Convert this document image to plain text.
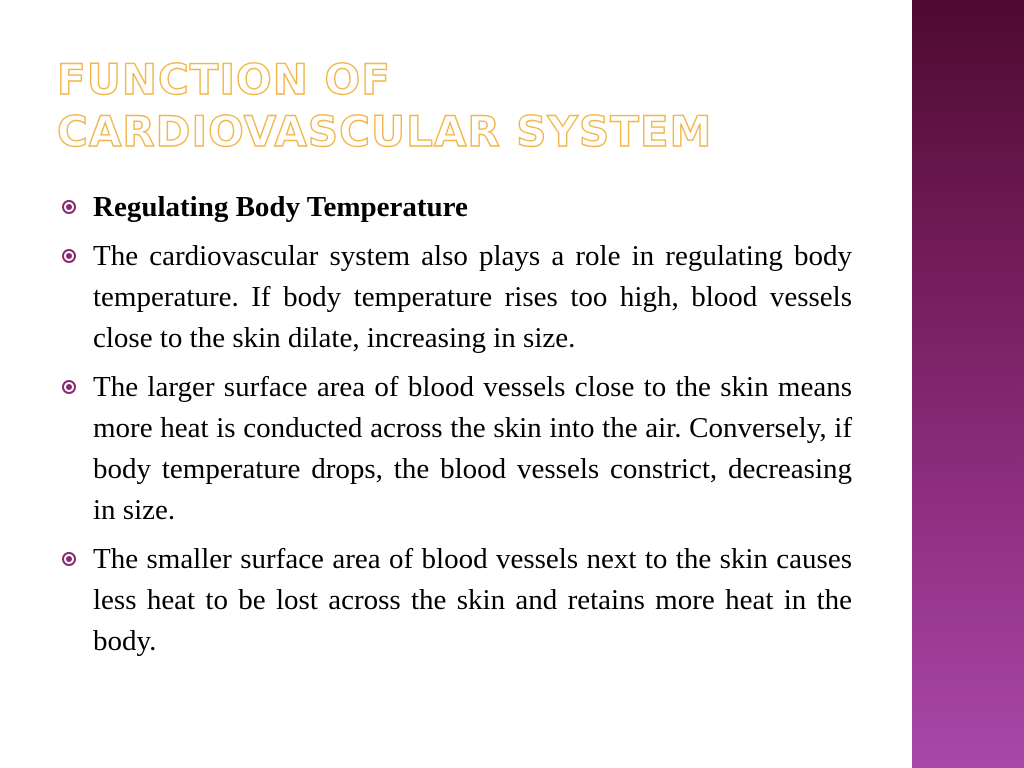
FUNCTION OF CARDIOVASCULAR SYSTEM
Regulating Body Temperature
The cardiovascular system also plays a role in regulating body temperature. If body temperature rises too high, blood vessels close to the skin dilate, increasing in size.
The larger surface area of blood vessels close to the skin means more heat is conducted across the skin into the air. Conversely, if body temperature drops, the blood vessels constrict, decreasing in size.
The smaller surface area of blood vessels next to the skin causes less heat to be lost across the skin and retains more heat in the body.
